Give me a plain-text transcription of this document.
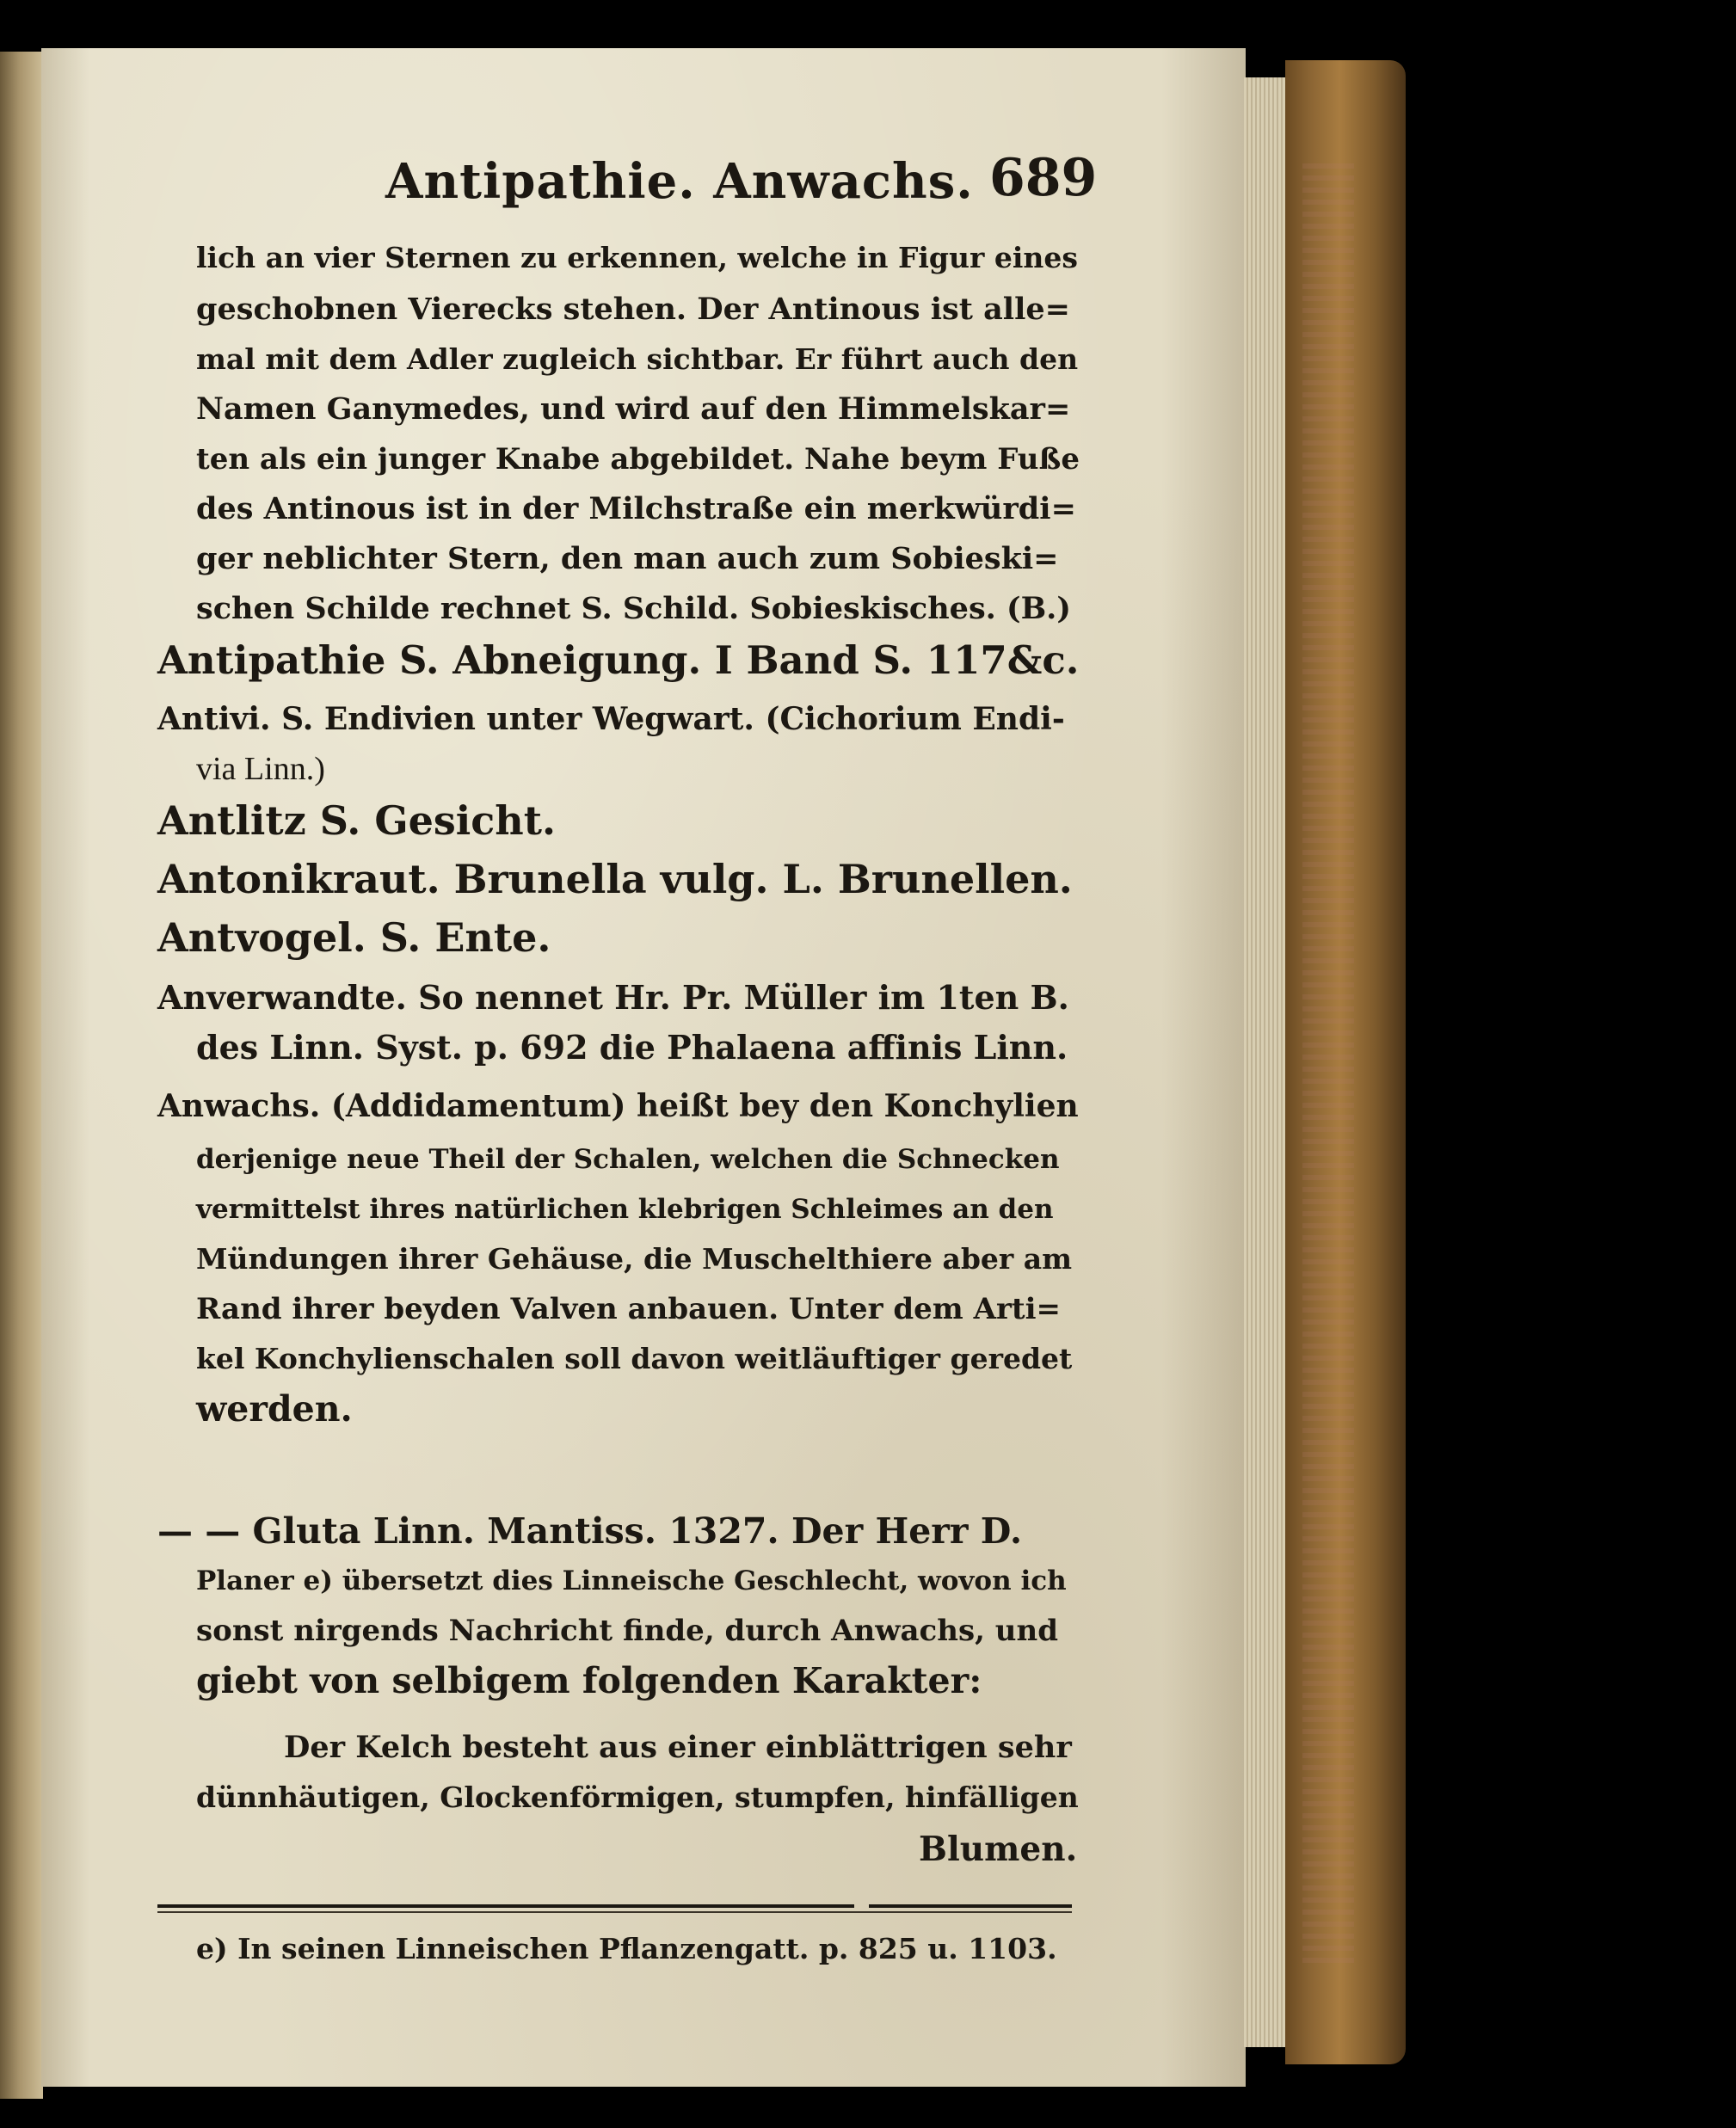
Antipathie. Anwachs. 689
lich an vier Sternen zu erkennen, welche in Figur eines
geschobnen Vierecks stehen. Der Antinous ist alle=
mal mit dem Adler zugleich sichtbar. Er führt auch den
Namen Ganymedes, und wird auf den Himmelskar=
ten als ein junger Knabe abgebildet. Nahe beym Fuße
des Antinous ist in der Milchstraße ein merkwürdi=
ger neblichter Stern, den man auch zum Sobieski=
schen Schilde rechnet S. Schild. Sobieskisches. (B.)
Antipathie S. Abneigung. I Band S. 117&c.
Antivi. S. Endivien unter Wegwart. (Cichorium Endi-
via Linn.)
Antlitz S. Gesicht.
Antonikraut. Brunella vulg. L. Brunellen.
Antvogel. S. Ente.
Anverwandte. So nennet Hr. Pr. Müller im 1ten B.
des Linn. Syst. p. 692 die Phalaena affinis Linn.
Anwachs. (Addidamentum) heißt bey den Konchylien
derjenige neue Theil der Schalen, welchen die Schnecken
vermittelst ihres natürlichen klebrigen Schleimes an den
Mündungen ihrer Gehäuse, die Muschelthiere aber am
Rand ihrer beyden Valven anbauen. Unter dem Arti=
kel Konchylienschalen soll davon weitläuftiger geredet
werden.
— — Gluta Linn. Mantiss. 1327. Der Herr D.
Planer e) übersetzt dies Linneische Geschlecht, wovon ich
sonst nirgends Nachricht finde, durch Anwachs, und
giebt von selbigem folgenden Karakter:
Der Kelch besteht aus einer einblättrigen sehr
dünnhäutigen, Glockenförmigen, stumpfen, hinfälligen
Blumen.
e) In seinen Linneischen Pflanzengatt. p. 825 u. 1103.
